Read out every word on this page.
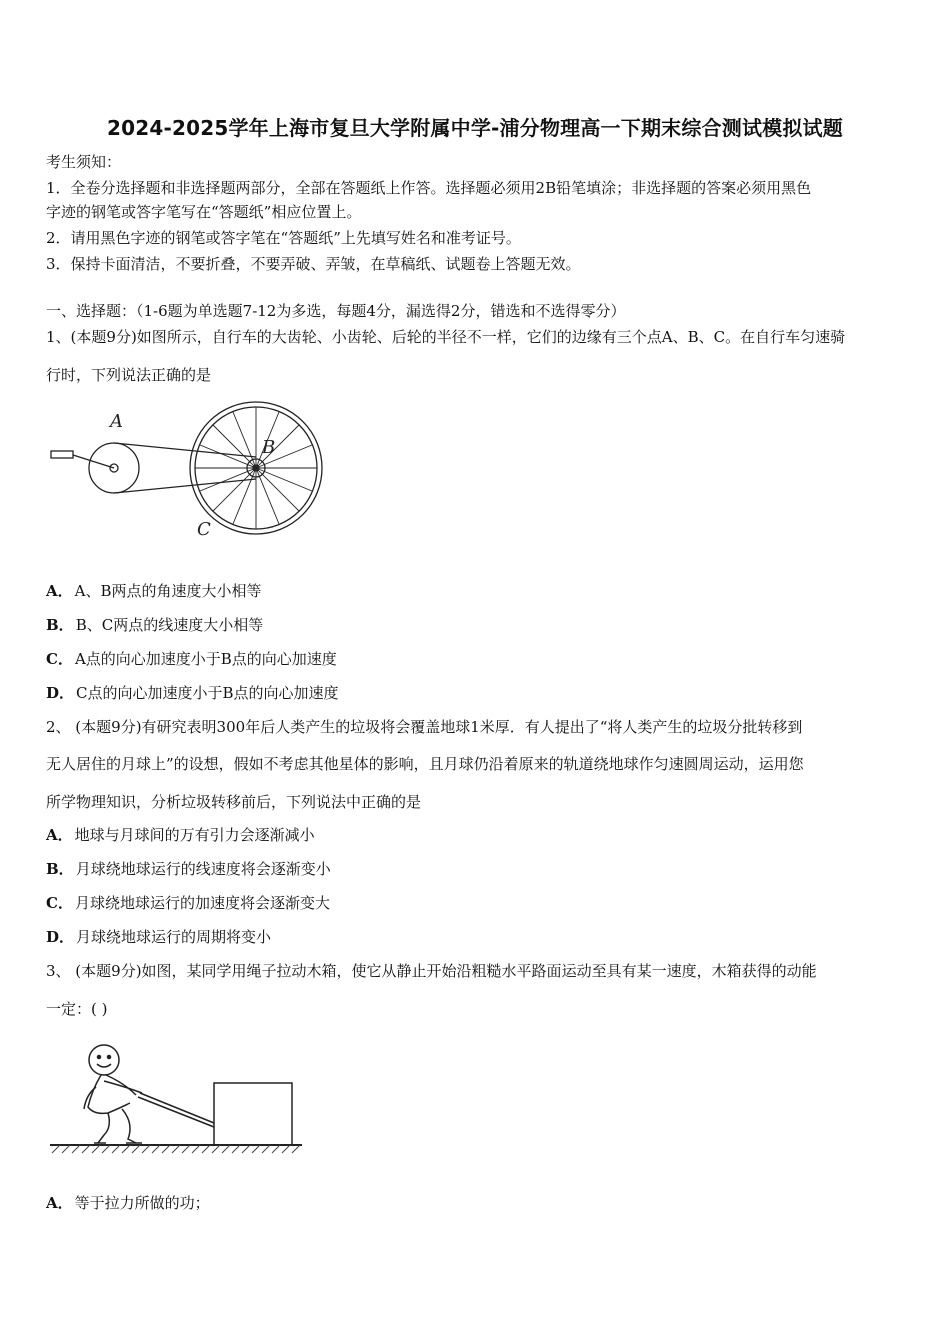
2024-2025学年上海市复旦大学附属中学-浦分物理高一下期末综合测试模拟试题
考生须知：
1．全卷分选择题和非选择题两部分，全部在答题纸上作答。选择题必须用2B铅笔填涂；非选择题的答案必须用黑色
字迹的钢笔或答字笔写在“答题纸”相应位置上。
2．请用黑色字迹的钢笔或答字笔在“答题纸”上先填写姓名和准考证号。
3．保持卡面清洁，不要折叠，不要弄破、弄皱，在草稿纸、试题卷上答题无效。
一、选择题：（1-6题为单选题7-12为多选，每题4分，漏选得2分，错选和不选得零分）
1、(本题9分)如图所示，自行车的大齿轮、小齿轮、后轮的半径不一样，它们的边缘有三个点A、B、C。在自行车匀速骑
行时，下列说法正确的是
A
B
C
A． A、B两点的角速度大小相等
B． B、C两点的线速度大小相等
C． A点的向心加速度小于B点的向心加速度
D． C点的向心加速度小于B点的向心加速度
2、 (本题9分)有研究表明300年后人类产生的垃圾将会覆盖地球1米厚．有人提出了“将人类产生的垃圾分批转移到
无人居住的月球上”的设想，假如不考虑其他星体的影响，且月球仍沿着原来的轨道绕地球作匀速圆周运动，运用您
所学物理知识，分析垃圾转移前后，下列说法中正确的是
A． 地球与月球间的万有引力会逐渐减小
B． 月球绕地球运行的线速度将会逐渐变小
C． 月球绕地球运行的加速度将会逐渐变大
D． 月球绕地球运行的周期将变小
3、 (本题9分)如图，某同学用绳子拉动木箱，使它从静止开始沿粗糙水平路面运动至具有某一速度，木箱获得的动能
一定：( )
A． 等于拉力所做的功；
